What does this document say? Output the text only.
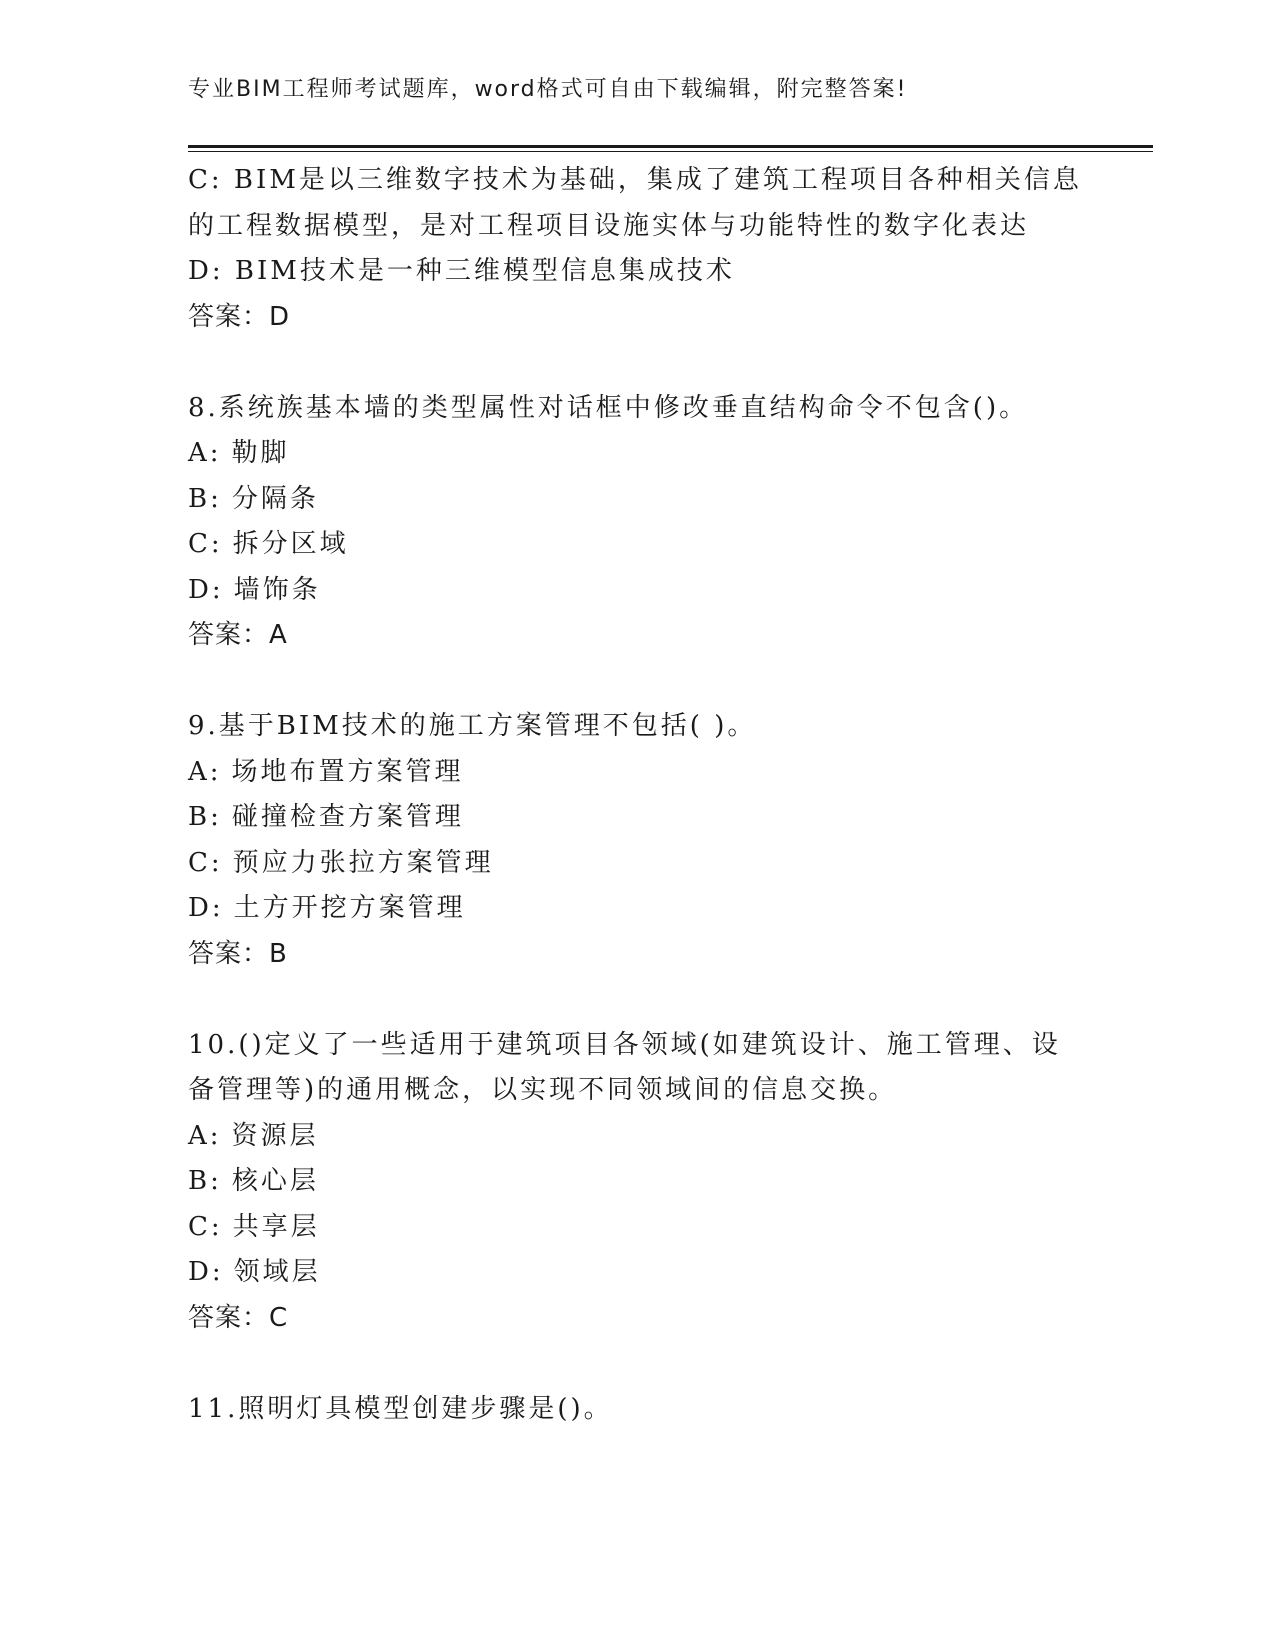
专业BIM工程师考试题库，word格式可自由下载编辑，附完整答案!
C: BIM是以三维数字技术为基础，集成了建筑工程项目各种相关信息
的工程数据模型，是对工程项目设施实体与功能特性的数字化表达
D: BIM技术是一种三维模型信息集成技术
答案：D
8.系统族基本墙的类型属性对话框中修改垂直结构命令不包含()。
A: 勒脚
B: 分隔条
C: 拆分区域
D: 墙饰条
答案：A
9.基于BIM技术的施工方案管理不包括( )。
A: 场地布置方案管理
B: 碰撞检查方案管理
C: 预应力张拉方案管理
D: 土方开挖方案管理
答案：B
10.()定义了一些适用于建筑项目各领域(如建筑设计、施工管理、设
备管理等)的通用概念，以实现不同领域间的信息交换。
A: 资源层
B: 核心层
C: 共享层
D: 领域层
答案：C
11.照明灯具模型创建步骤是()。
